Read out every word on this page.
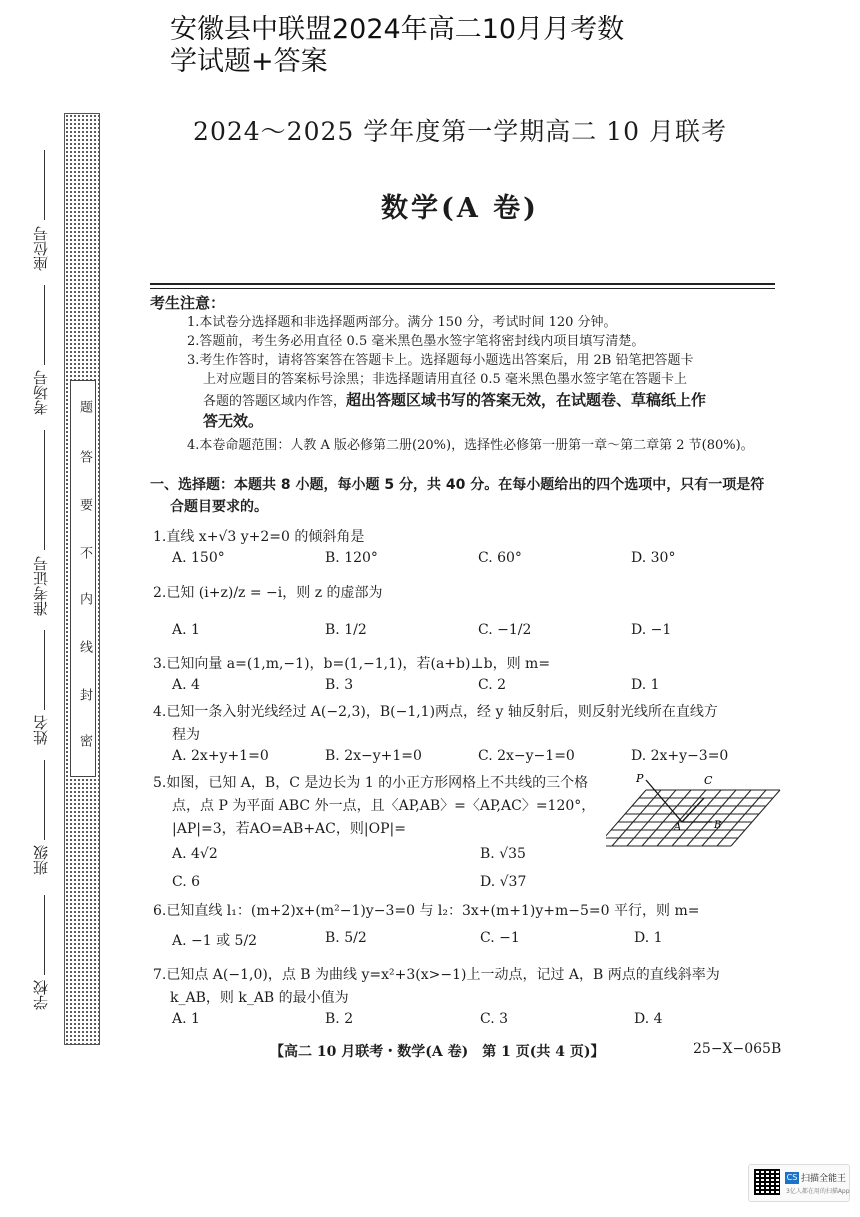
安徽县中联盟2024年高二10月月考数
学试题+答案
2024～2025 学年度第一学期高二 10 月联考
数学(A 卷)
题
答
要
不
内
线
封
密
座位号
考场号
准考证号
姓名
班级
学校
考生注意：
1.本试卷分选择题和非选择题两部分。满分 150 分，考试时间 120 分钟。
2.答题前，考生务必用直径 0.5 毫米黑色墨水签字笔将密封线内项目填写清楚。
3.考生作答时，请将答案答在答题卡上。选择题每小题选出答案后，用 2B 铅笔把答题卡
上对应题目的答案标号涂黑；非选择题请用直径 0.5 毫米黑色墨水签字笔在答题卡上
各题的答题区域内作答，超出答题区域书写的答案无效，在试题卷、草稿纸上作
答无效。
4.本卷命题范围：人教 A 版必修第二册(20%)，选择性必修第一册第一章～第二章第 2 节(80%)。
一、选择题：本题共 8 小题，每小题 5 分，共 40 分。在每小题给出的四个选项中，只有一项是符
合题目要求的。
1.直线 x+√3 y+2=0 的倾斜角是
A. 150°	B. 120°	C. 60°	D. 30°
2.已知 (i+z)/z = −i，则 z 的虚部为
A. 1	B. 1/2	C. −1/2	D. −1
3.已知向量 a=(1,m,−1)，b=(1,−1,1)，若(a+b)⊥b，则 m=
A. 4	B. 3	C. 2	D. 1
4.已知一条入射光线经过 A(−2,3)，B(−1,1)两点，经 y 轴反射后，则反射光线所在直线方
程为
A. 2x+y+1=0	B. 2x−y+1=0	C. 2x−y−1=0	D. 2x+y−3=0
5.如图，已知 A，B，C 是边长为 1 的小正方形网格上不共线的三个格
点，点 P 为平面 ABC 外一点，且〈AP,AB〉=〈AP,AC〉=120°，
|AP|=3，若AO=AB+AC，则|OP|=
A. 4√2	B. √35
C. 6	D. √37
P	C
A	B
6.已知直线 l₁：(m+2)x+(m²−1)y−3=0 与 l₂：3x+(m+1)y+m−5=0 平行，则 m=
A. −1 或 5/2	B. 5/2	C. −1	D. 1
7.已知点 A(−1,0)，点 B 为曲线 y=x²+3(x>−1)上一动点，记过 A，B 两点的直线斜率为
k_AB，则 k_AB 的最小值为
A. 1	B. 2	C. 3	D. 4
【高二 10 月联考・数学(A 卷)　第 1 页(共 4 页)】	25−X−065B
CS 扫描全能王
3亿人都在用的扫描App
